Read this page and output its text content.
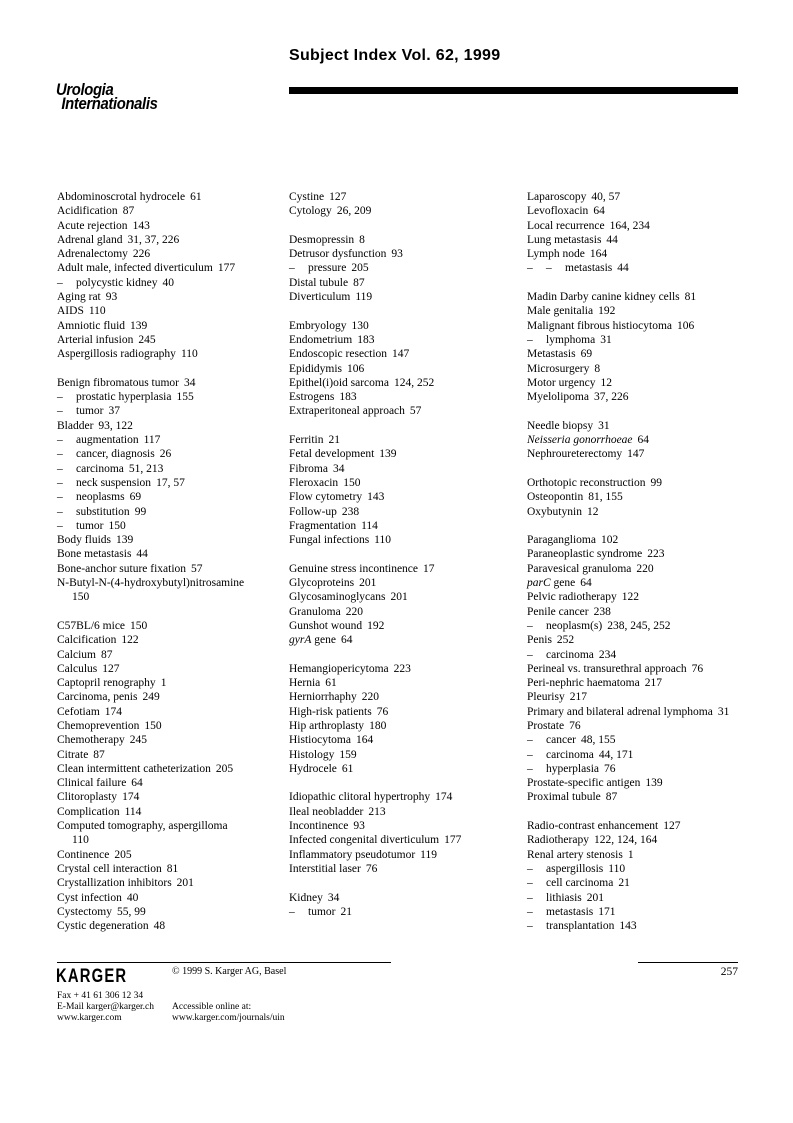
Urologia
Internationalis
Subject Index Vol. 62, 1999
Abdominoscrotal hydrocele 61
Acidification 87
Acute rejection 143
Adrenal gland 31, 37, 226
Adrenalectomy 226
Adult male, infected diverticulum 177
– polycystic kidney 40
Aging rat 93
AIDS 110
Amniotic fluid 139
Arterial infusion 245
Aspergillosis radiography 110
Benign fibromatous tumor 34
– prostatic hyperplasia 155
– tumor 37
Bladder 93, 122
– augmentation 117
– cancer, diagnosis 26
– carcinoma 51, 213
– neck suspension 17, 57
– neoplasms 69
– substitution 99
– tumor 150
Body fluids 139
Bone metastasis 44
Bone-anchor suture fixation 57
N-Butyl-N-(4-hydroxybutyl)nitrosamine
150
C57BL/6 mice 150
Calcification 122
Calcium 87
Calculus 127
Captopril renography 1
Carcinoma, penis 249
Cefotiam 174
Chemoprevention 150
Chemotherapy 245
Citrate 87
Clean intermittent catheterization 205
Clinical failure 64
Clitoroplasty 174
Complication 114
Computed tomography, aspergilloma
110
Continence 205
Crystal cell interaction 81
Crystallization inhibitors 201
Cyst infection 40
Cystectomy 55, 99
Cystic degeneration 48
Cystine 127
Cytology 26, 209
Desmopressin 8
Detrusor dysfunction 93
– pressure 205
Distal tubule 87
Diverticulum 119
Embryology 130
Endometrium 183
Endoscopic resection 147
Epididymis 106
Epithel(i)oid sarcoma 124, 252
Estrogens 183
Extraperitoneal approach 57
Ferritin 21
Fetal development 139
Fibroma 34
Fleroxacin 150
Flow cytometry 143
Follow-up 238
Fragmentation 114
Fungal infections 110
Genuine stress incontinence 17
Glycoproteins 201
Glycosaminoglycans 201
Granuloma 220
Gunshot wound 192
gyrA gene 64
Hemangiopericytoma 223
Hernia 61
Herniorrhaphy 220
High-risk patients 76
Hip arthroplasty 180
Histiocytoma 164
Histology 159
Hydrocele 61
Idiopathic clitoral hypertrophy 174
Ileal neobladder 213
Incontinence 93
Infected congenital diverticulum 177
Inflammatory pseudotumor 119
Interstitial laser 76
Kidney 34
– tumor 21
Laparoscopy 40, 57
Levofloxacin 64
Local recurrence 164, 234
Lung metastasis 44
Lymph node 164
– – metastasis 44
Madin Darby canine kidney cells 81
Male genitalia 192
Malignant fibrous histiocytoma 106
– lymphoma 31
Metastasis 69
Microsurgery 8
Motor urgency 12
Myelolipoma 37, 226
Needle biopsy 31
Neisseria gonorrhoeae 64
Nephroureterectomy 147
Orthotopic reconstruction 99
Osteopontin 81, 155
Oxybutynin 12
Paraganglioma 102
Paraneoplastic syndrome 223
Paravesical granuloma 220
parC gene 64
Pelvic radiotherapy 122
Penile cancer 238
– neoplasm(s) 238, 245, 252
Penis 252
– carcinoma 234
Perineal vs. transurethral approach 76
Peri-nephric haematoma 217
Pleurisy 217
Primary and bilateral adrenal lymphoma 31
Prostate 76
– cancer 48, 155
– carcinoma 44, 171
– hyperplasia 76
Prostate-specific antigen 139
Proximal tubule 87
Radio-contrast enhancement 127
Radiotherapy 122, 124, 164
Renal artery stenosis 1
– aspergillosis 110
– cell carcinoma 21
– lithiasis 201
– metastasis 171
– transplantation 143
KARGER	© 1999 S. Karger AG, Basel
Fax + 41 61 306 12 34
E-Mail karger@karger.ch
www.karger.com
Accessible online at:
www.karger.com/journals/uin
257
